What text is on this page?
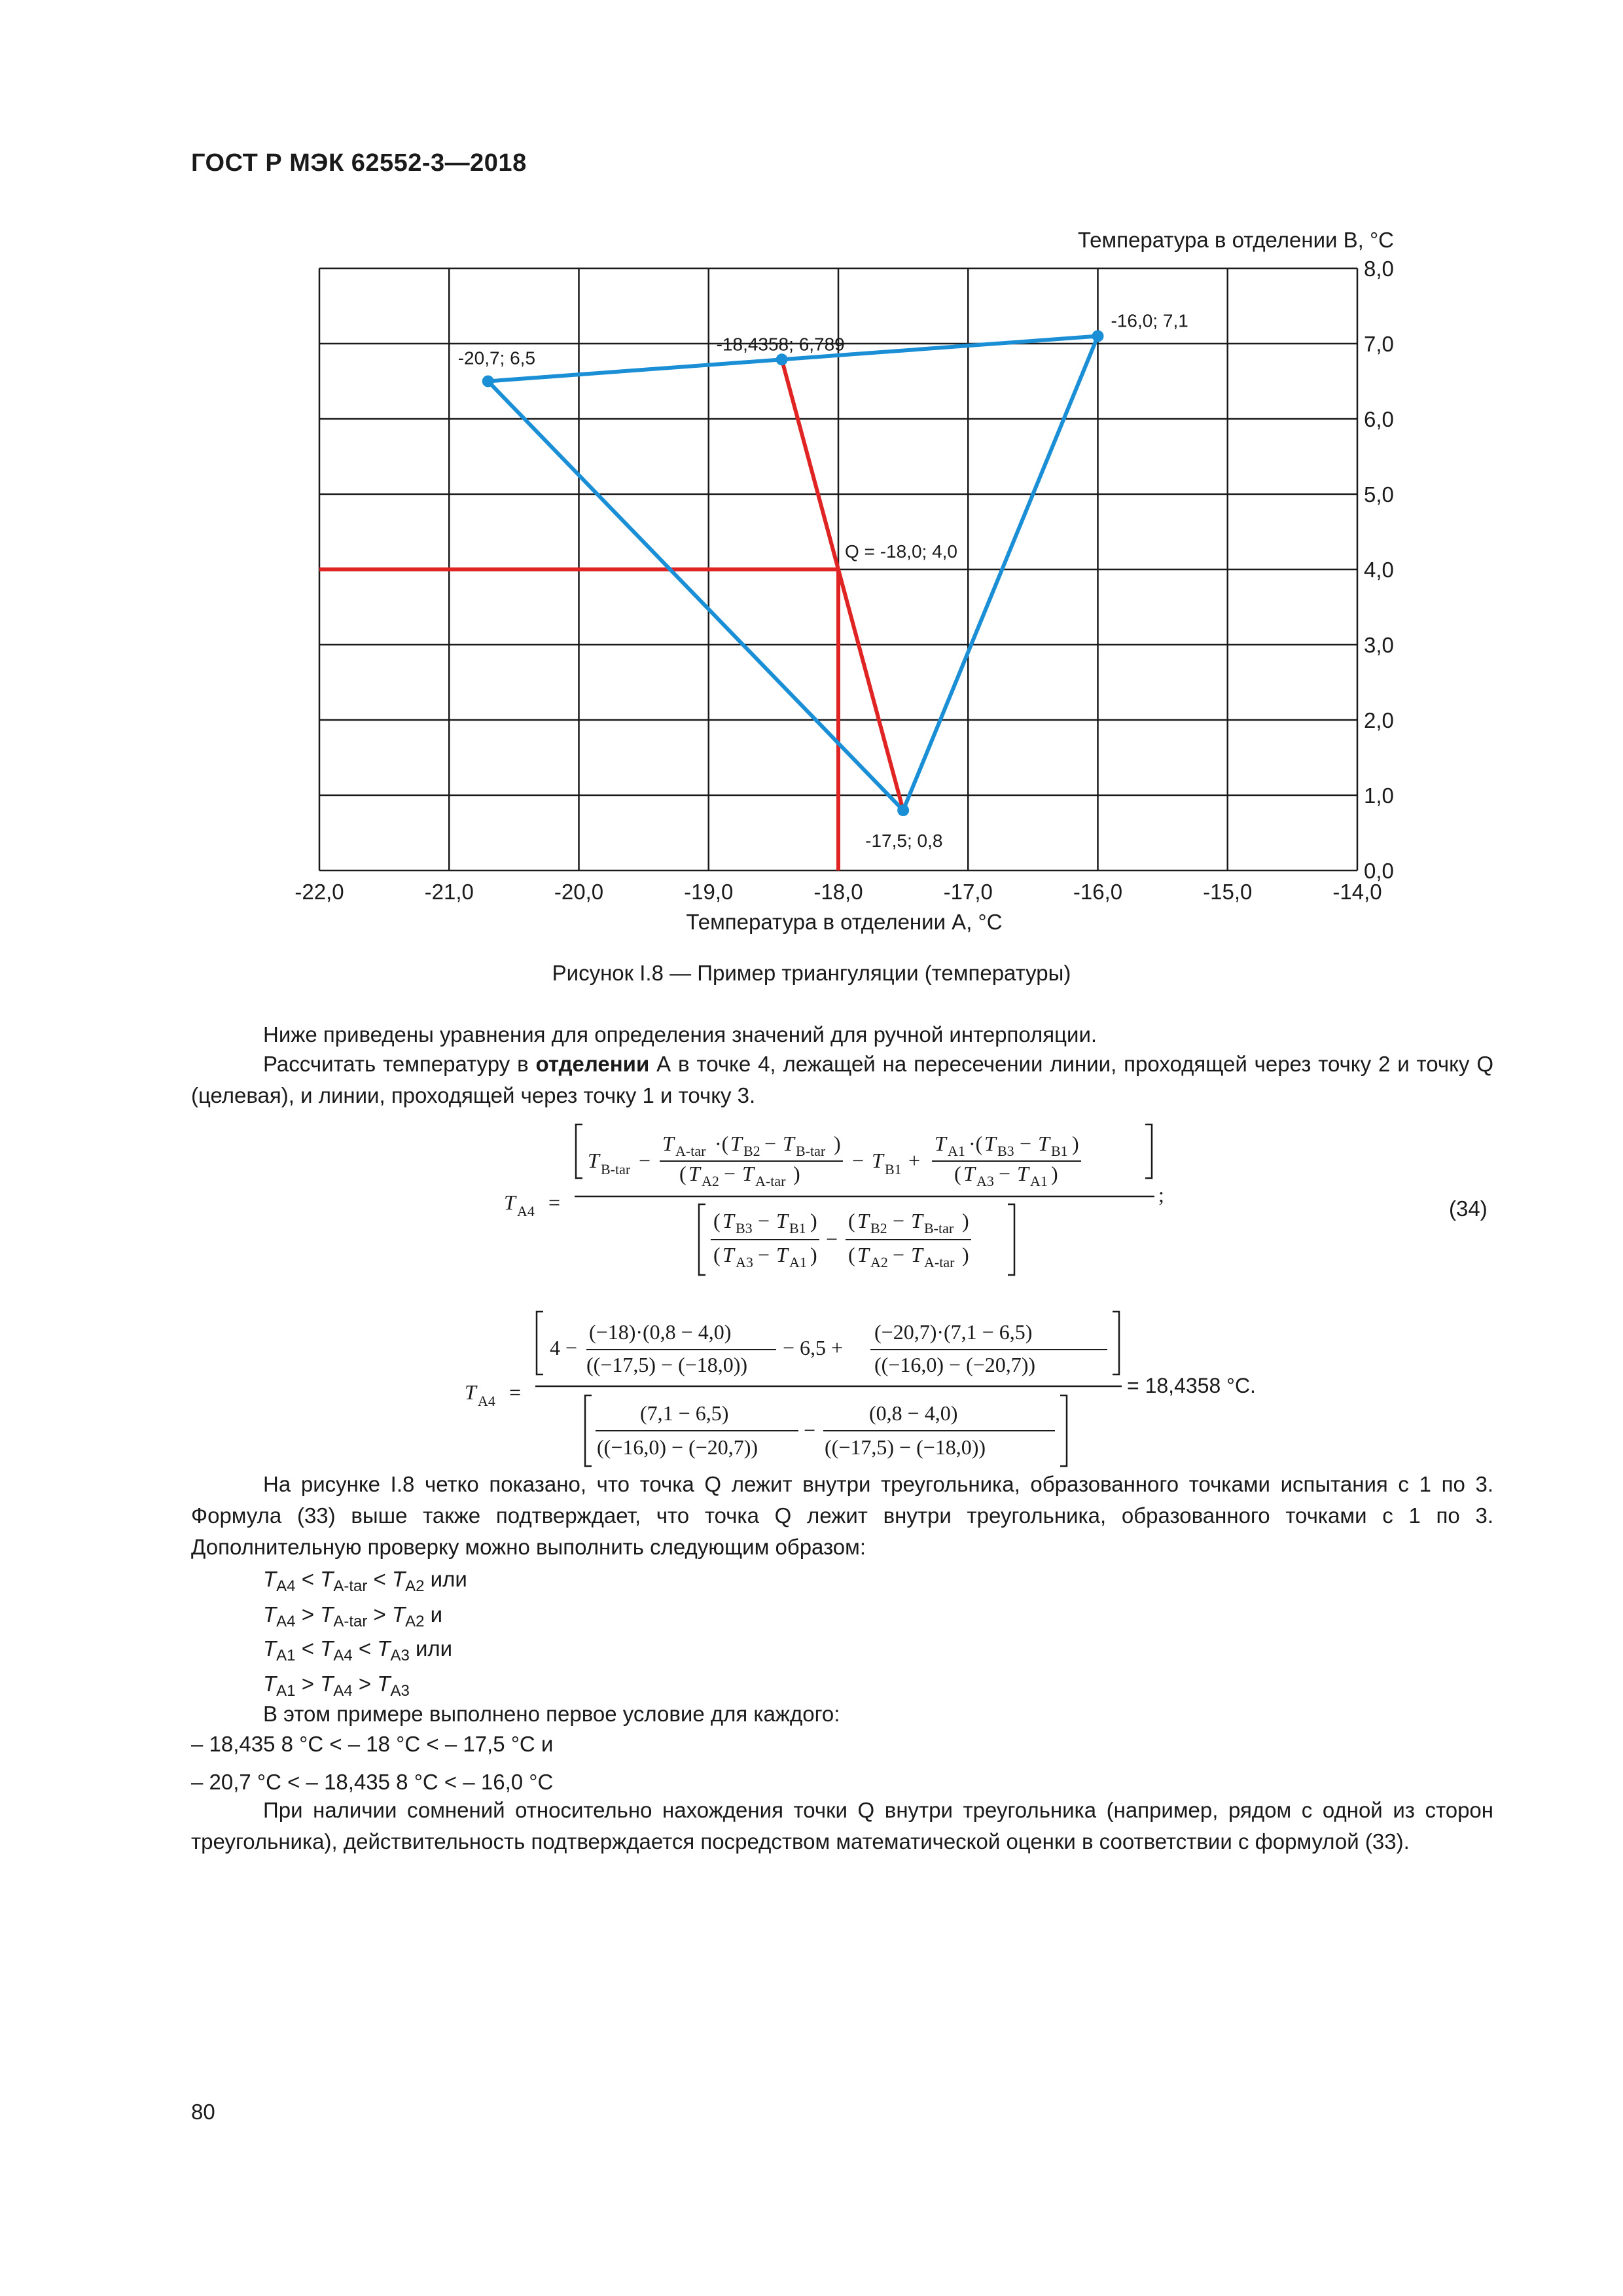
ГОСТ Р МЭК 62552-3—2018
-22,0	-21,0	-20,0	-19,0	-18,0	-17,0	-16,0	-15,0	-14,0
0,0
1,0
2,0
3,0
4,0
5,0
6,0
7,0
8,0
-20,7; 6,5
-18,4358; 6,789
-16,0; 7,1
-17,5; 0,8
Q = -18,0; 4,0
Температура в отделении А, °С
Температура в отделении В, °С
Рисунок I.8 — Пример триангуляции (температуры)
Ниже приведены уравнения для определения значений для ручной интерполяции.
Рассчитать температуру в отделении А в точке 4, лежащей на пересечении линии, проходящей через точку 2 и точку Q (целевая), и линии, проходящей через точку 1 и точку 3.
T A4 =
T B-tar −
T A-tar ·( T B2 − T B-tar )
( T A2 − T A-tar )
− T B1 +
T A1 ·( T B3 − T B1 )
( T A3 − T A1 )
;
( T B3 − T B1 )
( T A3 − T A1 )
−
( T B2 − T B-tar )
( T A2 − T A-tar )
(34)
T A4 =
4 −
(−18)·(0,8 − 4,0)
((−17,5) − (−18,0))
− 6,5 +
(−20,7)·(7,1 − 6,5)
((−16,0) − (−20,7))
= 18,4358 °C.
(7,1 − 6,5)
((−16,0) − (−20,7))
−
(0,8 − 4,0)
((−17,5) − (−18,0))
На рисунке I.8 четко показано, что точка Q лежит внутри треугольника, образованного точками испытания с 1 по 3. Формула (33) выше также подтверждает, что точка Q лежит внутри треугольника, образованного точками с 1 по 3. Дополнительную проверку можно выполнить следующим образом:
$T_{A4} < T_{A-tar} < T_{A2}$ или
$T_{A4} > T_{A-tar} > T_{A2}$ и
$T_{A1} < T_{A4} < T_{A3}$ или
$T_{A1} > T_{A4} > T_{A3}$
В этом примере выполнено первое условие для каждого:
– 18,435 8 °C < – 18 °C < – 17,5 °C и
– 20,7 °C < – 18,435 8 °C < – 16,0 °C
При наличии сомнений относительно нахождения точки Q внутри треугольника (например, рядом с одной из сторон треугольника), действительность подтверждается посредством математической оценки в соответствии с формулой (33).
80
